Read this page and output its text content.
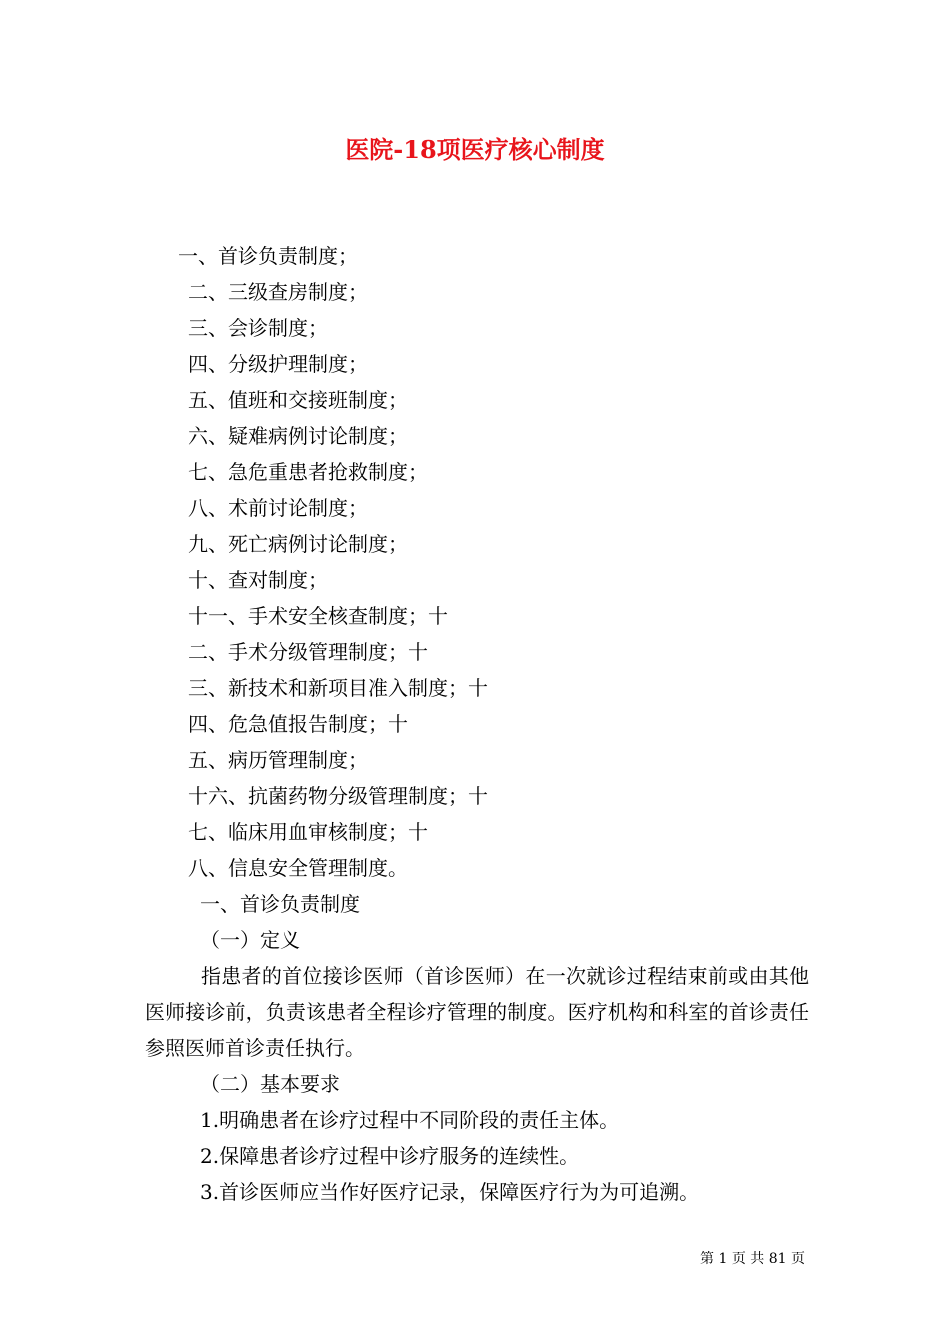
医院-18项医疗核心制度
一、首诊负责制度；
二、三级查房制度；
三、会诊制度；
四、分级护理制度；
五、值班和交接班制度；
六、疑难病例讨论制度；
七、急危重患者抢救制度；
八、术前讨论制度；
九、死亡病例讨论制度；
十、查对制度；
十一、手术安全核查制度；十
二、手术分级管理制度；十
三、新技术和新项目准入制度；十
四、危急值报告制度；十
五、病历管理制度；
十六、抗菌药物分级管理制度；十
七、临床用血审核制度；十
八、信息安全管理制度。

一、首诊负责制度

（一）定义

指患者的首位接诊医师（首诊医师）在一次就诊过程结束前或由其他医师接诊前，负责该患者全程诊疗管理的制度。医疗机构和科室的首诊责任参照医师首诊责任执行。

（二）基本要求

1.明确患者在诊疗过程中不同阶段的责任主体。
2.保障患者诊疗过程中诊疗服务的连续性。
3.首诊医师应当作好医疗记录，保障医疗行为为可追溯。
第 1 页 共 81 页
